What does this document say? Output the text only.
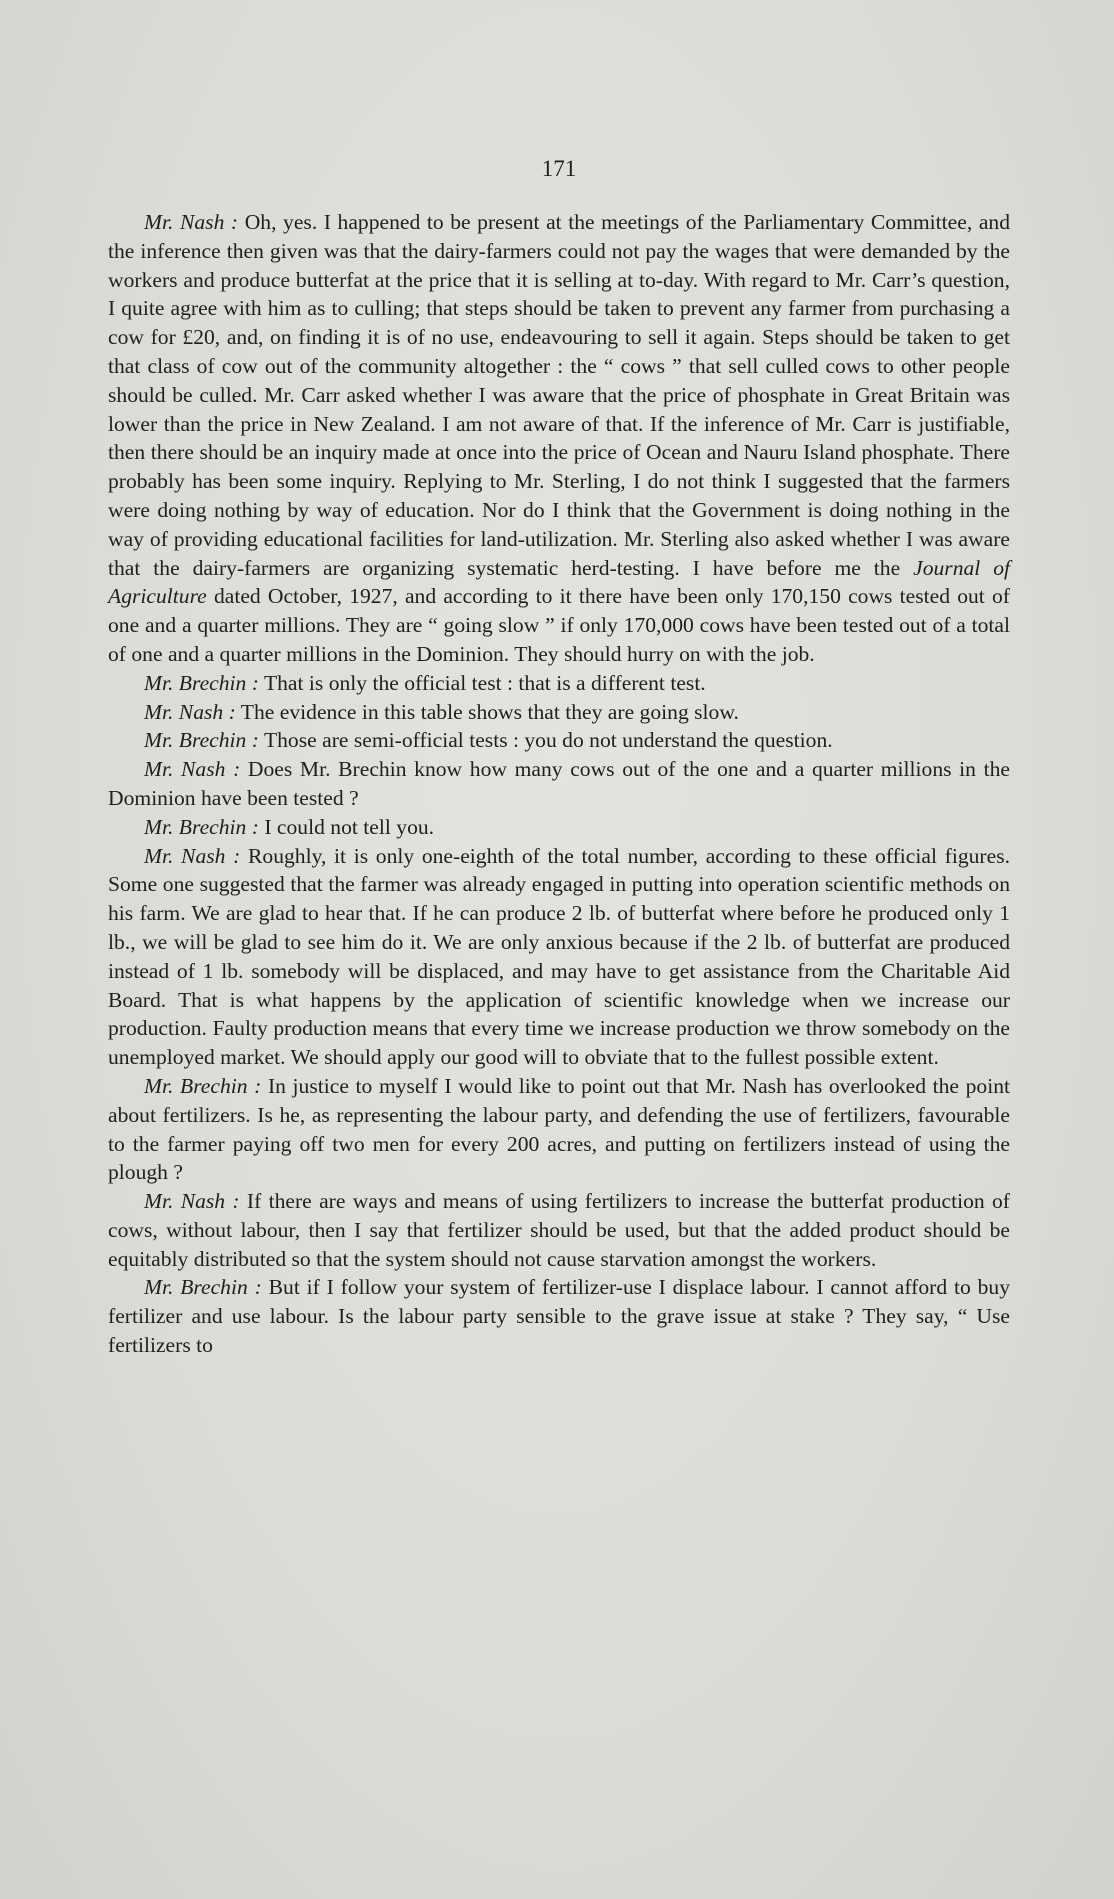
171

Mr. Nash : Oh, yes. I happened to be present at the meetings of the Parliamentary Committee, and the inference then given was that the dairy-farmers could not pay the wages that were demanded by the workers and produce butterfat at the price that it is selling at to-day. With regard to Mr. Carr’s question, I quite agree with him as to culling; that steps should be taken to prevent any farmer from purchasing a cow for £20, and, on finding it is of no use, endeavouring to sell it again. Steps should be taken to get that class of cow out of the community altogether : the “ cows ” that sell culled cows to other people should be culled. Mr. Carr asked whether I was aware that the price of phosphate in Great Britain was lower than the price in New Zealand. I am not aware of that. If the inference of Mr. Carr is justifiable, then there should be an inquiry made at once into the price of Ocean and Nauru Island phosphate. There probably has been some inquiry. Replying to Mr. Sterling, I do not think I suggested that the farmers were doing nothing by way of education. Nor do I think that the Government is doing nothing in the way of providing educational facilities for land-utilization. Mr. Sterling also asked whether I was aware that the dairy-farmers are organizing systematic herd-testing. I have before me the Journal of Agriculture dated October, 1927, and according to it there have been only 170,150 cows tested out of one and a quarter millions. They are “ going slow ” if only 170,000 cows have been tested out of a total of one and a quarter millions in the Dominion. They should hurry on with the job.

Mr. Brechin : That is only the official test : that is a different test.

Mr. Nash : The evidence in this table shows that they are going slow.

Mr. Brechin : Those are semi-official tests : you do not understand the question.

Mr. Nash : Does Mr. Brechin know how many cows out of the one and a quarter millions in the Dominion have been tested ?

Mr. Brechin : I could not tell you.

Mr. Nash : Roughly, it is only one-eighth of the total number, according to these official figures. Some one suggested that the farmer was already engaged in putting into operation scientific methods on his farm. We are glad to hear that. If he can produce 2 lb. of butterfat where before he produced only 1 lb., we will be glad to see him do it. We are only anxious because if the 2 lb. of butterfat are produced instead of 1 lb. somebody will be displaced, and may have to get assistance from the Charitable Aid Board. That is what happens by the application of scientific knowledge when we increase our production. Faulty production means that every time we increase production we throw somebody on the unemployed market. We should apply our good will to obviate that to the fullest possible extent.

Mr. Brechin : In justice to myself I would like to point out that Mr. Nash has overlooked the point about fertilizers. Is he, as representing the labour party, and defending the use of fertilizers, favourable to the farmer paying off two men for every 200 acres, and putting on fertilizers instead of using the plough ?

Mr. Nash : If there are ways and means of using fertilizers to increase the butterfat production of cows, without labour, then I say that fertilizer should be used, but that the added product should be equitably distributed so that the system should not cause starvation amongst the workers.

Mr. Brechin : But if I follow your system of fertilizer-use I displace labour. I cannot afford to buy fertilizer and use labour. Is the labour party sensible to the grave issue at stake ? They say, “ Use fertilizers to
